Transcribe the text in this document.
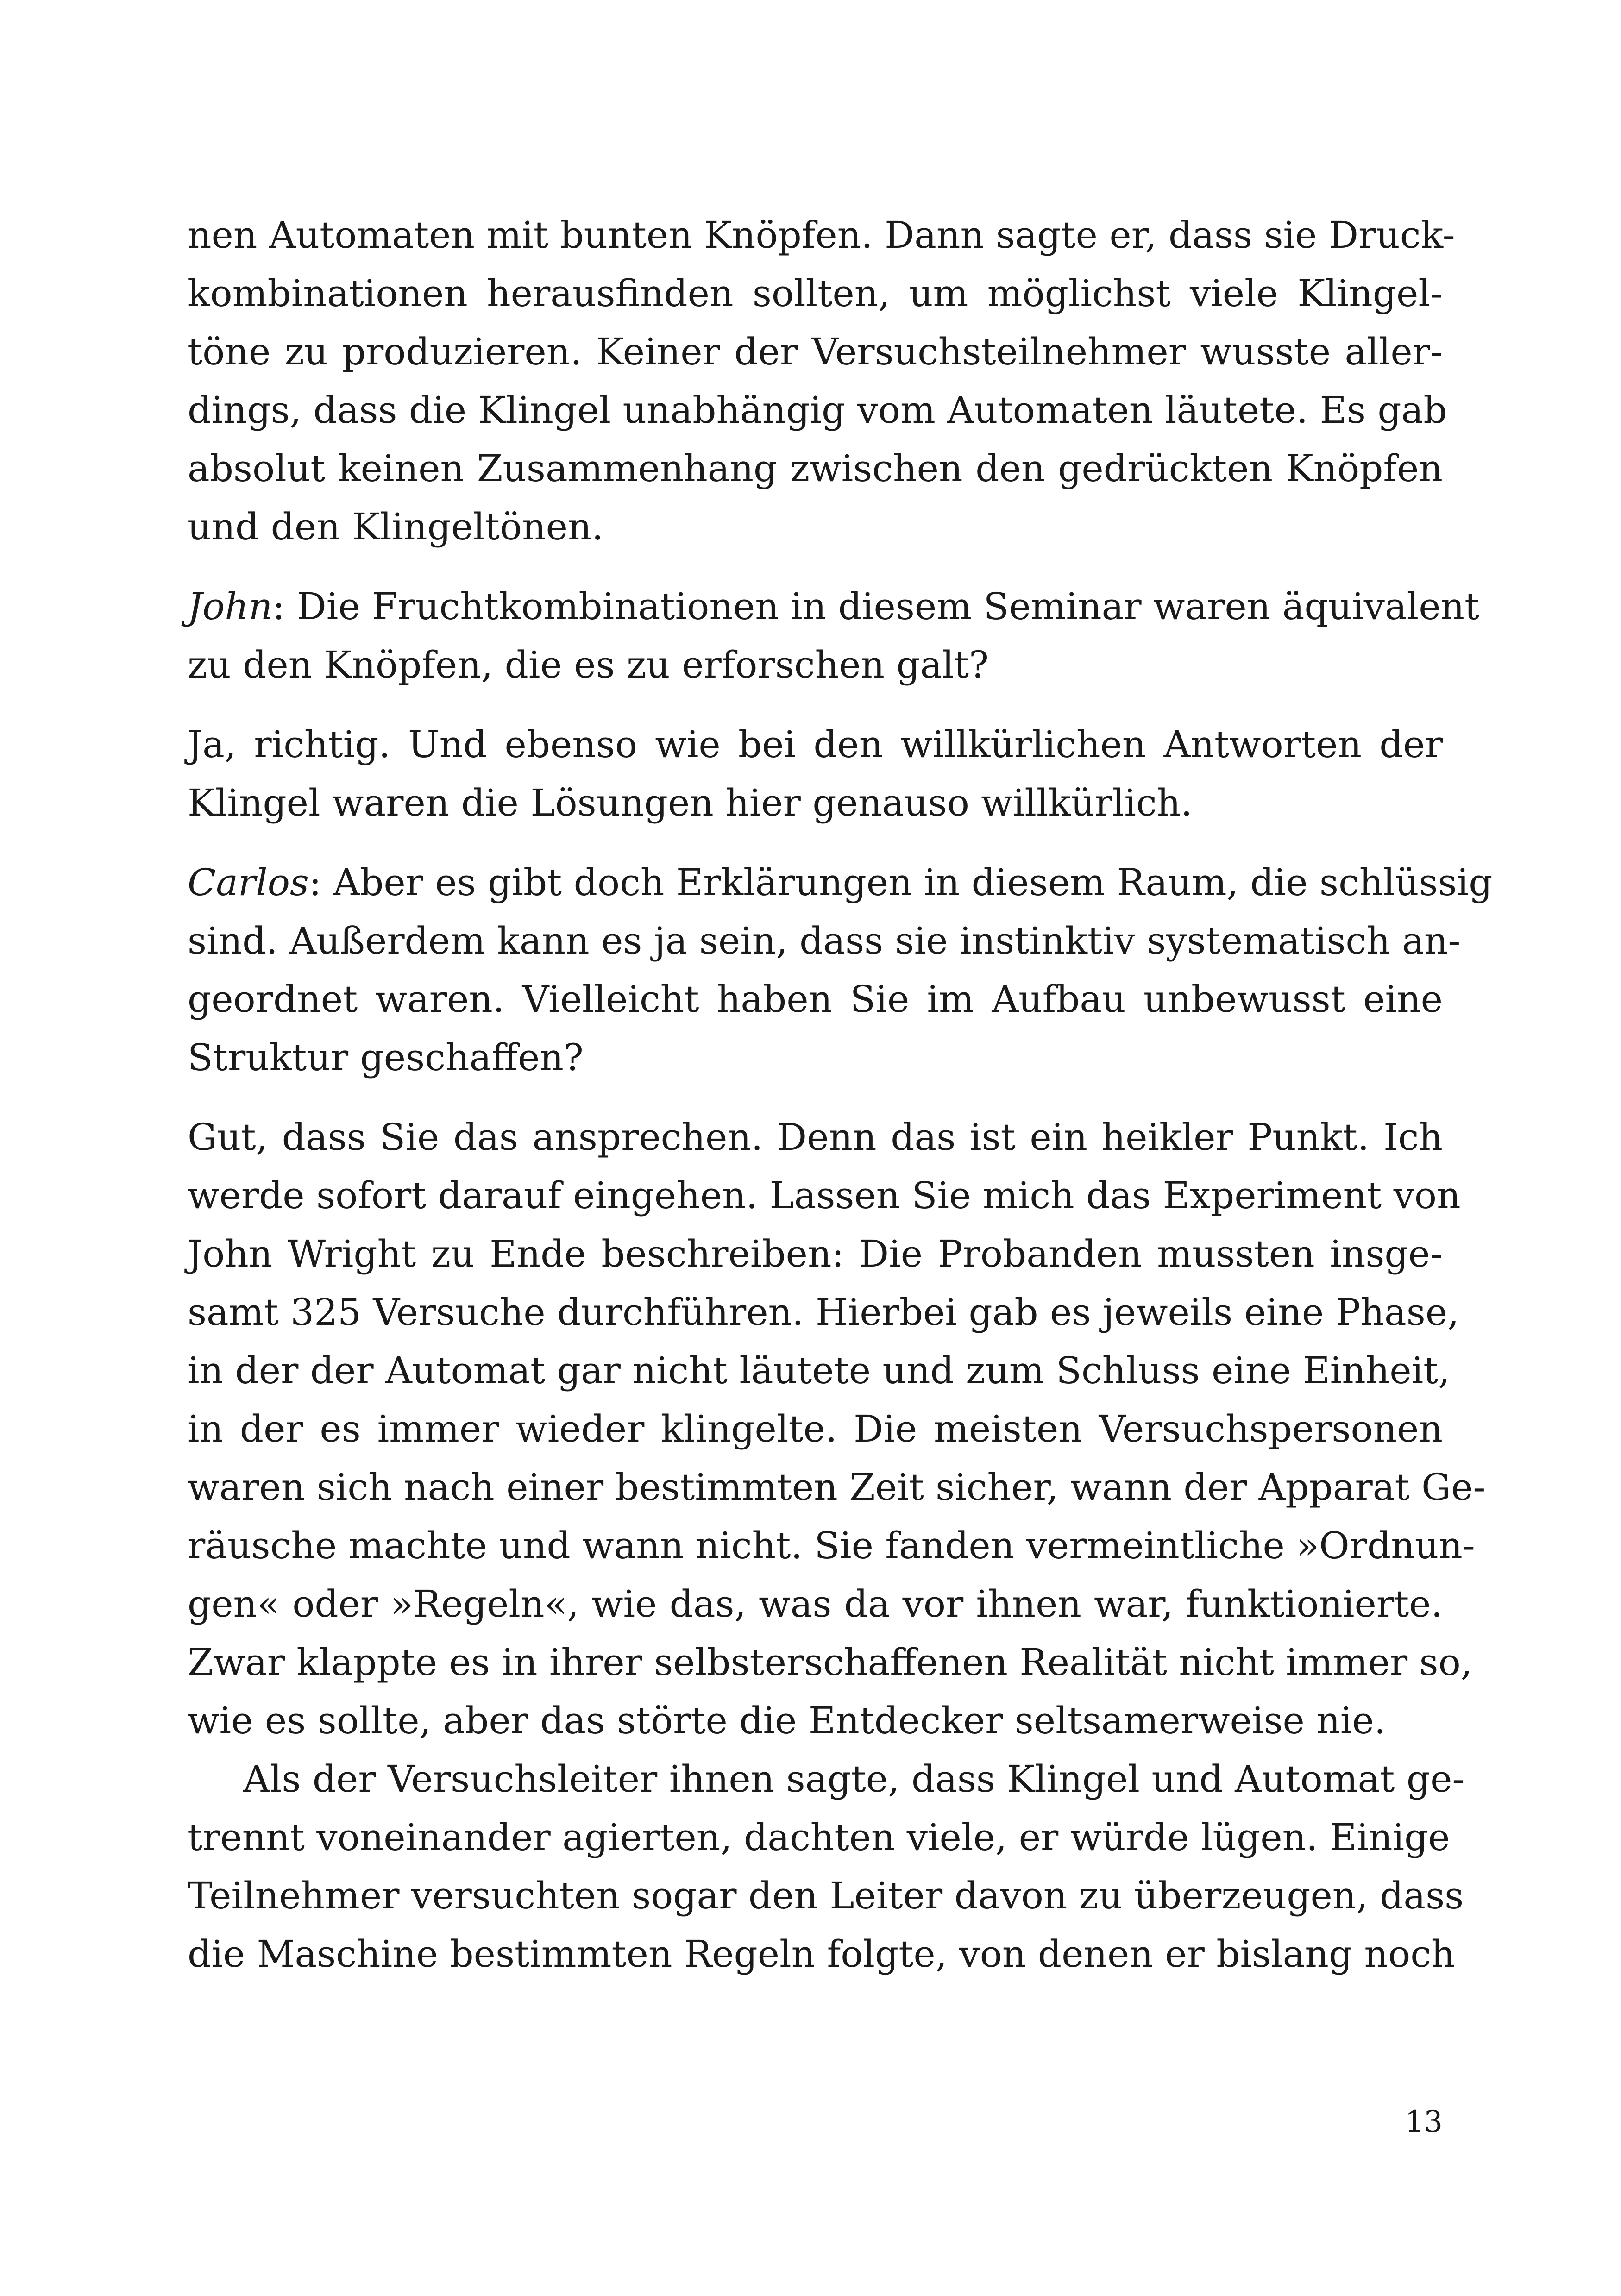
nen Automaten mit bunten Knöpfen. Dann sagte er, dass sie Druck-
kombinationen herausfinden sollten, um möglichst viele Klingel-
töne zu produzieren. Keiner der Versuchsteilnehmer wusste aller-
dings, dass die Klingel unabhängig vom Automaten läutete. Es gab
absolut keinen Zusammenhang zwischen den gedrückten Knöpfen
und den Klingeltönen.
John: Die Fruchtkombinationen in diesem Seminar waren äquivalent
zu den Knöpfen, die es zu erforschen galt?
Ja, richtig. Und ebenso wie bei den willkürlichen Antworten der
Klingel waren die Lösungen hier genauso willkürlich.
Carlos: Aber es gibt doch Erklärungen in diesem Raum, die schlüssig
sind. Außerdem kann es ja sein, dass sie instinktiv systematisch an-
geordnet waren. Vielleicht haben Sie im Aufbau unbewusst eine
Struktur geschaffen?
Gut, dass Sie das ansprechen. Denn das ist ein heikler Punkt. Ich
werde sofort darauf eingehen. Lassen Sie mich das Experiment von
John Wright zu Ende beschreiben: Die Probanden mussten insge-
samt 325 Versuche durchführen. Hierbei gab es jeweils eine Phase,
in der der Automat gar nicht läutete und zum Schluss eine Einheit,
in der es immer wieder klingelte. Die meisten Versuchspersonen
waren sich nach einer bestimmten Zeit sicher, wann der Apparat Ge-
räusche machte und wann nicht. Sie fanden vermeintliche »Ordnun-
gen« oder »Regeln«, wie das, was da vor ihnen war, funktionierte.
Zwar klappte es in ihrer selbsterschaffenen Realität nicht immer so,
wie es sollte, aber das störte die Entdecker seltsamerweise nie.
Als der Versuchsleiter ihnen sagte, dass Klingel und Automat ge-
trennt voneinander agierten, dachten viele, er würde lügen. Einige
Teilnehmer versuchten sogar den Leiter davon zu überzeugen, dass
die Maschine bestimmten Regeln folgte, von denen er bislang noch
13
